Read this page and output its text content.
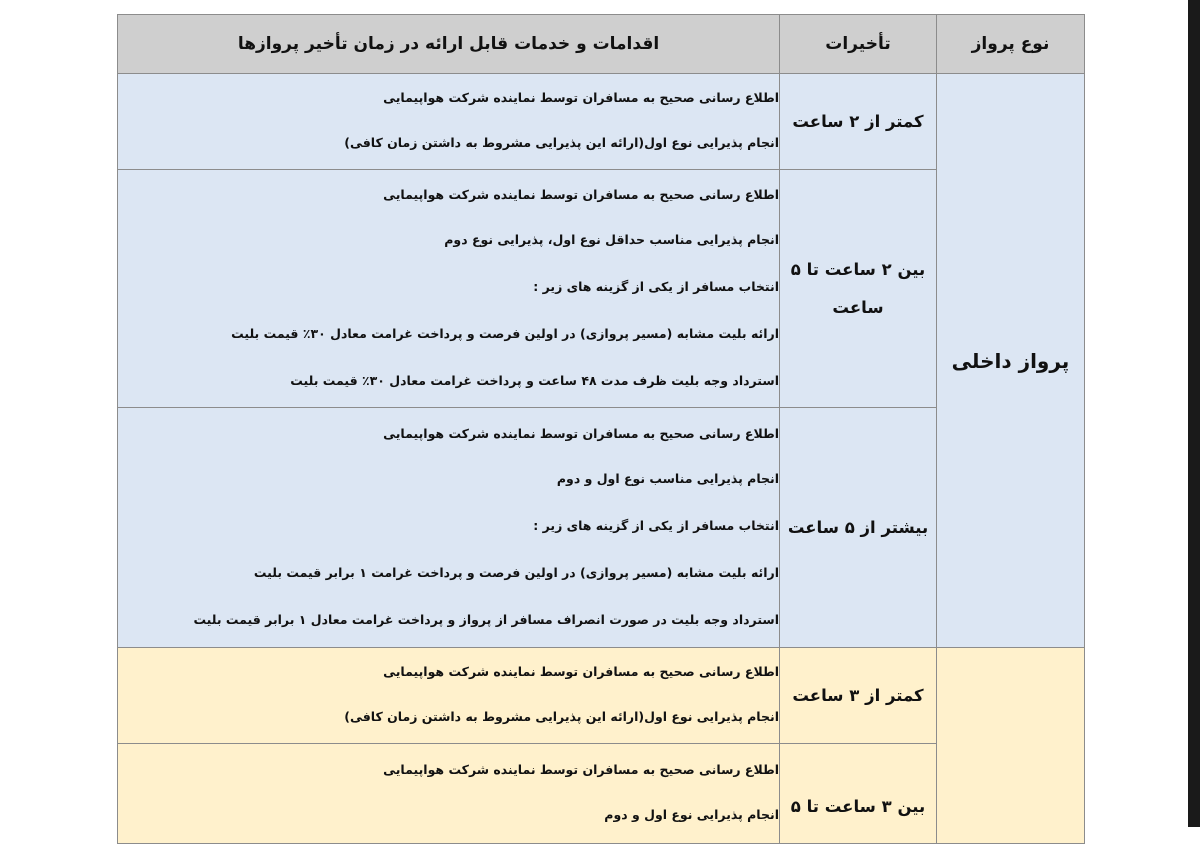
نوع پرواز	تأخیرات	اقدامات و خدمات قابل ارائه در زمان تأخیر پروازها
پرواز داخلی	کمتر از ۲ ساعت	اطلاع رسانی صحیح به مسافران توسط نماینده شرکت هواپیمایی
انجام پذیرایی نوع اول(ارائه این پذیرایی مشروط به داشتن زمان کافی)

	بین ۲ ساعت تا ۵ ساعت	اطلاع رسانی صحیح به مسافران توسط نماینده شرکت هواپیمایی
انجام پذیرایی مناسب حداقل نوع اول، پذیرایی نوع دوم
انتخاب مسافر از یکی از گزینه های زیر :
ارائه بلیت مشابه (مسیر پروازی) در اولین فرصت و پرداخت غرامت معادل ۳۰٪ قیمت بلیت
استرداد وجه بلیت ظرف مدت ۴۸ ساعت و پرداخت غرامت معادل ۳۰٪ قیمت بلیت

	بیشتر از ۵ ساعت	اطلاع رسانی صحیح به مسافران توسط نماینده شرکت هواپیمایی
انجام پذیرایی مناسب نوع اول و دوم
انتخاب مسافر از یکی از گزینه های زیر :
ارائه بلیت مشابه (مسیر پروازی) در اولین فرصت و پرداخت غرامت ۱ برابر قیمت بلیت
استرداد وجه بلیت در صورت انصراف مسافر از پرواز و پرداخت غرامت معادل ۱ برابر قیمت بلیت

	کمتر از ۳ ساعت	اطلاع رسانی صحیح به مسافران توسط نماینده شرکت هواپیمایی
انجام پذیرایی نوع اول(ارائه این پذیرایی مشروط به داشتن زمان کافی)

	بین ۳ ساعت تا ۵	اطلاع رسانی صحیح به مسافران توسط نماینده شرکت هواپیمایی
انجام پذیرایی نوع اول و دوم
